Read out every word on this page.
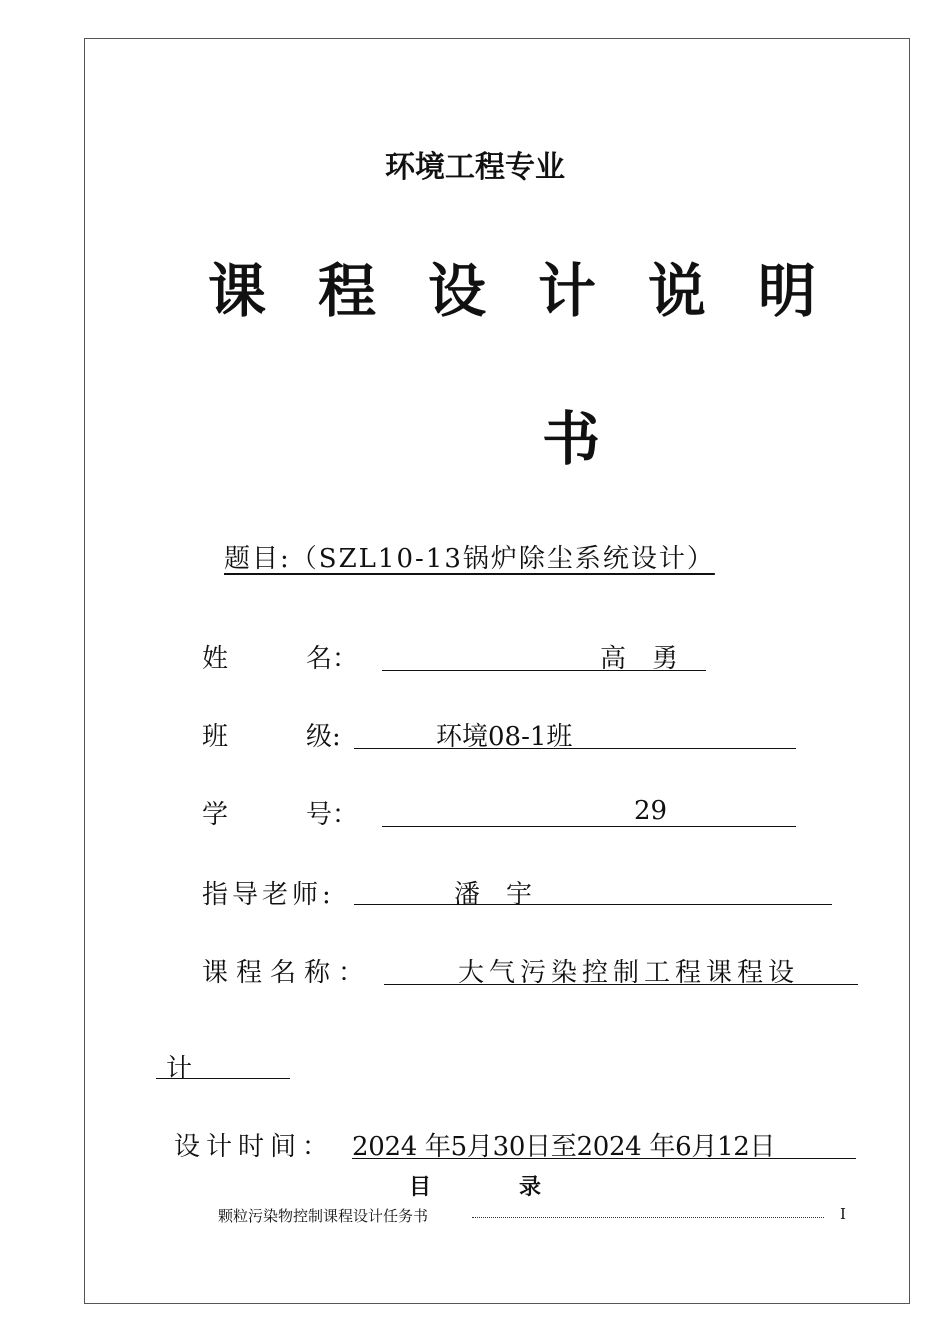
环境工程专业
课程设计说明
书
题目:（SZL10-13锅炉除尘系统设计）
姓　　　名：	高　勇
班　　　级:	环境08-1班
学　　　号：	29
指导老师:	潘　宇
课程名称：	大气污染控制工程课程设
计
设计时间： 2024 年5月30日至2024 年6月12日
目　　　　录
颗粒污染物控制课程设计任务书	I
